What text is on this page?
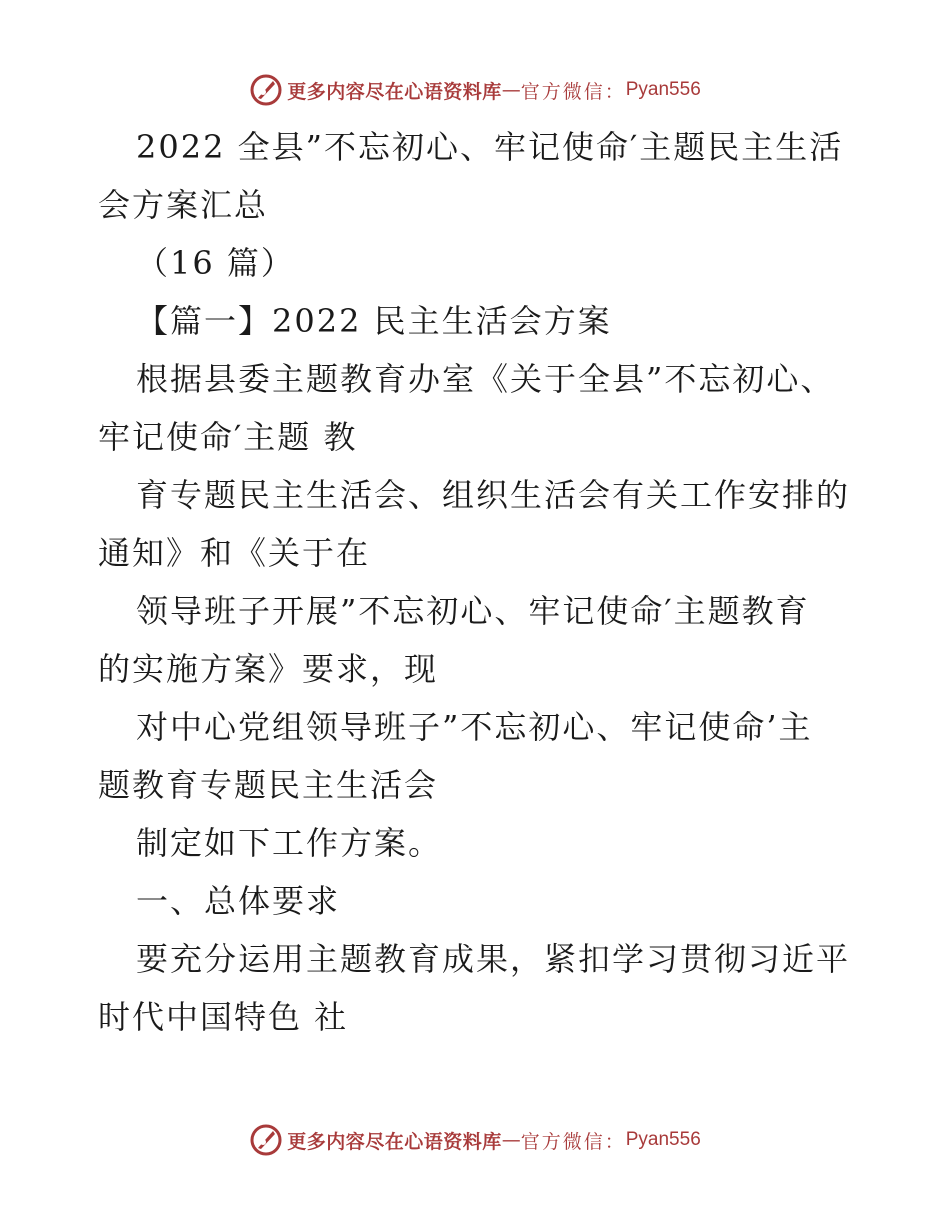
更多内容尽在心语资料库 — 官方微信： Pyan556
2022 全县”不忘初心、牢记使命′主题民主生活
会方案汇总
（16 篇）
【篇一】2022 民主生活会方案
根据县委主题教育办室《关于全县”不忘初心、
牢记使命′主题 教
育专题民主生活会、组织生活会有关工作安排的
通知》和《关于在
领导班子开展”不忘初心、牢记使命′主题教育
的实施方案》要求，现
对中心党组领导班子”不忘初心、牢记使命’主
题教育专题民主生活会
制定如下工作方案。
一、总体要求
要充分运用主题教育成果，紧扣学习贯彻习近平
时代中国特色 社
更多内容尽在心语资料库 — 官方微信： Pyan556
